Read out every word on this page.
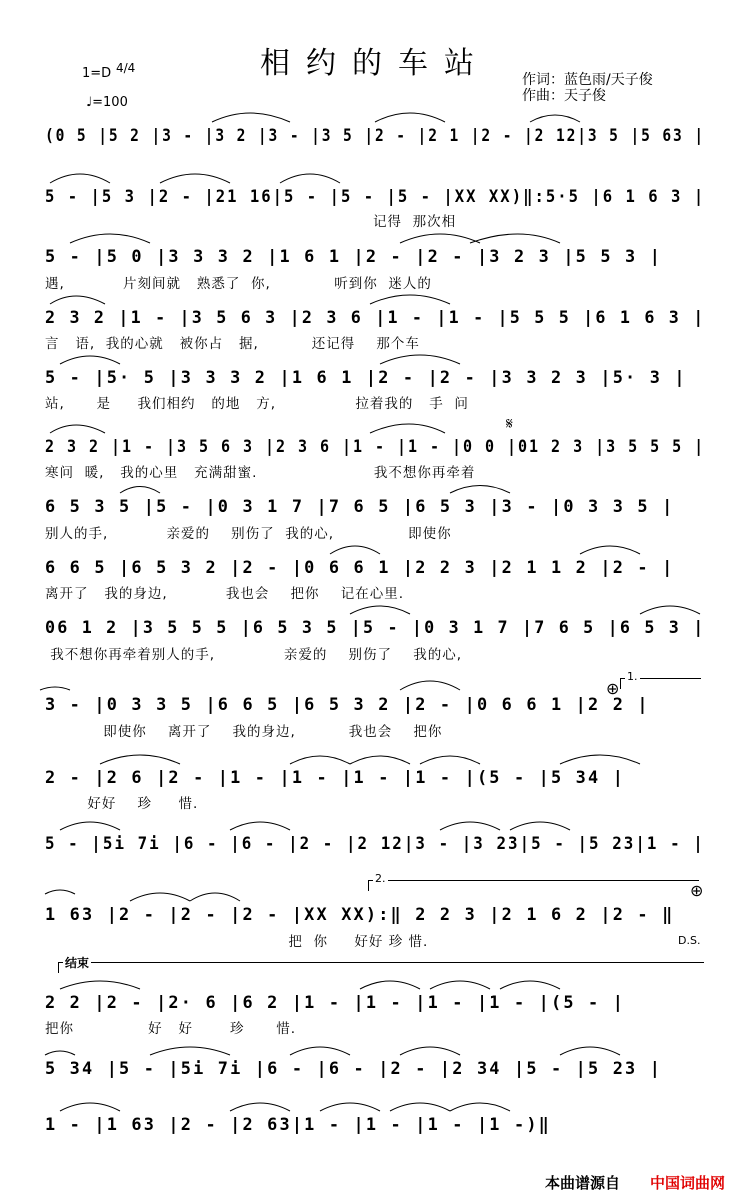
相约的车站
1=D 4/4
♩=100
作词：蓝色雨/天子俊
作曲：天子俊
(0 5 |5 2 |3 - |3 2 |3 - |3 5 |2 - |2 1 |2 - |2 12|3 5 |5 63 |
5 - |5 3 |2 - |21 16|5 - |5 - |5 - |XX XX)‖:5·5 |6 1 6 3 |
记得  那次相
5 - |5 0 |3 3 3 2 |1 6 1 |2 - |2 - |3 2 3 |5 5 3 |
遇,           片刻间就   熟悉了  你,            听到你  迷人的
2 3 2 |1 - |3 5 6 3 |2 3 6 |1 - |1 - |5 5 5 |6 1 6 3 |
言   语,  我的心就   被你占   据,          还记得    那个车
5 - |5· 5 |3 3 3 2 |1 6 1 |2 - |2 - |3 3 2 3 |5· 3 |
站,      是     我们相约   的地   方,               拉着我的   手  问
2 3 2 |1 - |3 5 6 3 |2 3 6 |1 - |1 - |0 0 |01 2 3 |3 5 5 5 |
寒问  暖,   我的心里   充满甜蜜.                      我不想你再牵着
6 5 3 5 |5 - |0 3 1 7 |7 6 5 |6 5 3 |3 - |0 3 3 5 |
别人的手,           亲爱的    别伤了  我的心,              即使你
6 6 5 |6 5 3 2 |2 - |0 6 6 1 |2 2 3 |2 1 1 2 |2 - |
离开了   我的身边,           我也会    把你    记在心里.
06 1 2 |3 5 5 5 |6 5 3 5 |5 - |0 3 1 7 |7 6 5 |6 5 3 |
我不想你再牵着别人的手,             亲爱的    别伤了    我的心,
3 - |0 3 3 5 |6 6 5 |6 5 3 2 |2 - |0 6 6 1 |2 2 |
即使你    离开了    我的身边,          我也会    把你
2 - |2 6 |2 - |1 - |1 - |1 - |1 - |(5 - |5 34 |
好好    珍     惜.
5 - |5i 7i |6 - |6 - |2 - |2 12|3 - |3 23|5 - |5 23|1 - |
1 63 |2 - |2 - |2 - |XX XX):‖ 2 2 3 |2 1 6 2 |2 - ‖
把  你     好好 珍 惜.
2 2 |2 - |2· 6 |6 2 |1 - |1 - |1 - |1 - |(5 - |
把你              好   好       珍      惜.
5 34 |5 - |5i 7i |6 - |6 - |2 - |2 34 |5 - |5 23 |
1 - |1 63 |2 - |2 63|1 - |1 - |1 - |1 -)‖
𝄋
⊕
⊕
1.
2.
D.S.
结束
本曲谱源自 中国词曲网
